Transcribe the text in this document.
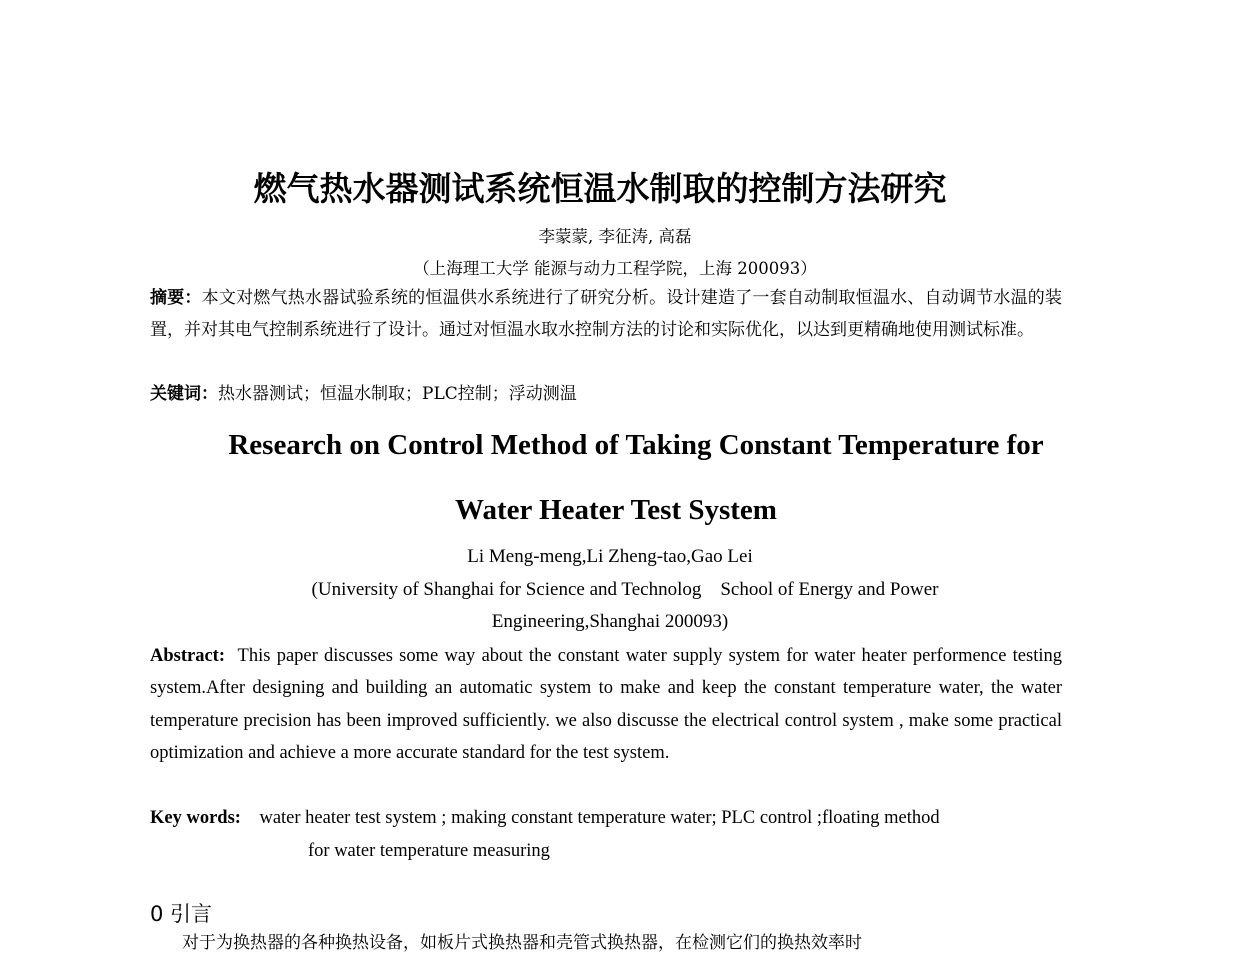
燃气热水器测试系统恒温水制取的控制方法研究
李蒙蒙, 李征涛, 高磊
（上海理工大学 能源与动力工程学院，上海 200093）
摘要：本文对燃气热水器试验系统的恒温供水系统进行了研究分析。设计建造了一套自动制取恒温水、自动调节水温的装置，并对其电气控制系统进行了设计。通过对恒温水取水控制方法的讨论和实际优化，以达到更精确地使用测试标准。
关键词：热水器测试；恒温水制取；PLC控制；浮动测温
Research on Control Method of Taking Constant Temperature for
Water Heater Test System
Li Meng-meng,Li Zheng-tao,Gao Lei
(University of Shanghai for Science and Technolog    School of Energy and Power
Engineering,Shanghai 200093)
Abstract: This paper discusses some way about the constant water supply system for water heater performence testing system.After designing and building an automatic system to make and keep the constant temperature water, the water temperature precision has been improved sufficiently. we also discusse the electrical control system , make some practical optimization and achieve a more accurate standard for the test system.
Key words: water heater test system ; making constant temperature water; PLC control ;floating method
for water temperature measuring
0 引言
对于为换热器的各种换热设备，如板片式换热器和壳管式换热器，在检测它们的换热效率时
